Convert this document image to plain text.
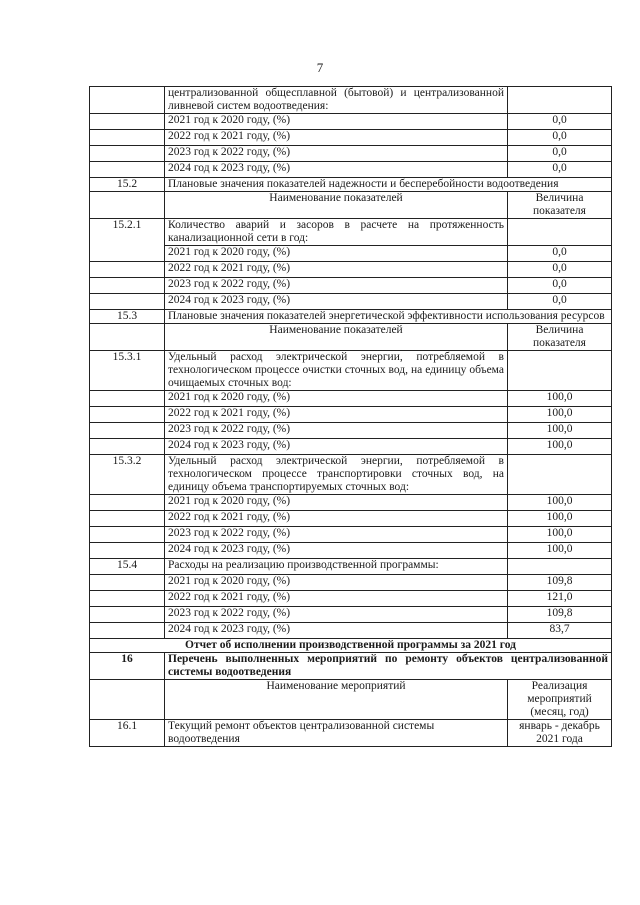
7
	централизованной общесплавной (бытовой) и централизованной ливневой систем водоотведения:	
	2021 год к 2020 году, (%)	0,0
	2022 год к 2021 году, (%)	0,0
	2023 год к 2022 году, (%)	0,0
	2024 год к 2023 году, (%)	0,0
15.2	Плановые значения показателей надежности и бесперебойности водоотведения	
	Наименование показателей	Величина показателя
15.2.1	Количество аварий и засоров в расчете на протяженность канализационной сети в год:	
	2021 год к 2020 году, (%)	0,0
	2022 год к 2021 году, (%)	0,0
	2023 год к 2022 году, (%)	0,0
	2024 год к 2023 году, (%)	0,0
15.3	Плановые значения показателей энергетической эффективности использования ресурсов	
	Наименование показателей	Величина показателя
15.3.1	Удельный расход электрической энергии, потребляемой в технологическом процессе очистки сточных вод, на единицу объема очищаемых сточных вод:	
	2021 год к 2020 году, (%)	100,0
	2022 год к 2021 году, (%)	100,0
	2023 год к 2022 году, (%)	100,0
	2024 год к 2023 году, (%)	100,0
15.3.2	Удельный расход электрической энергии, потребляемой в технологическом процессе транспортировки сточных вод, на единицу объема транспортируемых сточных вод:	
	2021 год к 2020 году, (%)	100,0
	2022 год к 2021 году, (%)	100,0
	2023 год к 2022 году, (%)	100,0
	2024 год к 2023 году, (%)	100,0
15.4	Расходы на реализацию производственной программы:	
	2021 год к 2020 году, (%)	109,8
	2022 год к 2021 году, (%)	121,0
	2023 год к 2022 году, (%)	109,8
	2024 год к 2023 году, (%)	83,7
Отчет об исполнении производственной программы за 2021 год		
16	Перечень выполненных мероприятий по ремонту объектов централизованной системы водоотведения	
	Наименование мероприятий	Реализация мероприятий (месяц, год)
16.1	Текущий ремонт объектов централизованной системы водоотведения	январь - декабрь 2021 года
